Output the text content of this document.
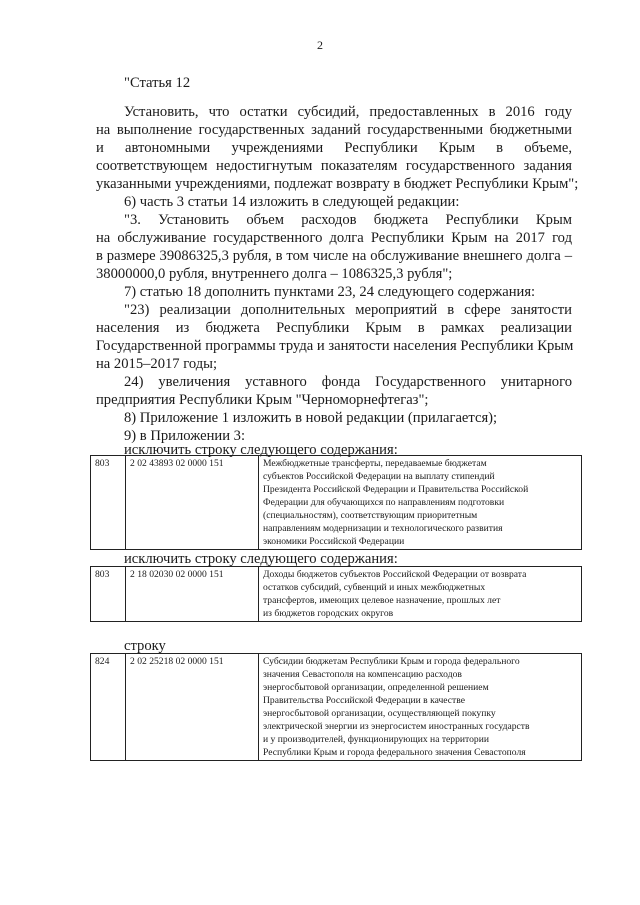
2
"Статья 12
Установить, что остатки субсидий, предоставленных в 2016 году
на выполнение государственных заданий государственными бюджетными
и автономными учреждениями Республики Крым в объеме,
соответствующем недостигнутым показателям государственного задания
указанными учреждениями, подлежат возврату в бюджет Республики Крым";
6) часть 3 статьи 14 изложить в следующей редакции:
"3. Установить объем расходов бюджета Республики Крым
на обслуживание государственного долга Республики Крым на 2017 год
в размере 39086325,3 рубля, в том числе на обслуживание внешнего долга –
38000000,0 рубля, внутреннего долга – 1086325,3 рубля";
7) статью 18 дополнить пунктами 23, 24 следующего содержания:
"23) реализации дополнительных мероприятий в сфере занятости
населения из бюджета Республики Крым в рамках реализации
Государственной программы труда и занятости населения Республики Крым
на 2015–2017 годы;
24) увеличения уставного фонда Государственного унитарного
предприятия Республики Крым "Черноморнефтегаз";
8) Приложение 1 изложить в новой редакции (прилагается);
9) в Приложении 3:
исключить строку следующего содержания:
803	2 02 43893 02 0000 151	Межбюджетные трансферты, передаваемые бюджетам
субъектов Российской Федерации на выплату стипендий
Президента Российской Федерации и Правительства Российской
Федерации для обучающихся по направлениям подготовки
(специальностям), соответствующим приоритетным
направлениям модернизации и технологического развития
экономики Российской Федерации
исключить строку следующего содержания:
803	2 18 02030 02 0000 151	Доходы бюджетов субъектов Российской Федерации от возврата
остатков субсидий, субвенций и иных межбюджетных
трансфертов, имеющих целевое назначение, прошлых лет
из бюджетов городских округов
строку
824	2 02 25218 02 0000 151	Субсидии бюджетам Республики Крым и города федерального
значения Севастополя на компенсацию расходов
энергосбытовой организации, определенной решением
Правительства Российской Федерации в качестве
энергосбытовой организации, осуществляющей покупку
электрической энергии из энергосистем иностранных государств
и у производителей, функционирующих на территории
Республики Крым и города федерального значения Севастополя
